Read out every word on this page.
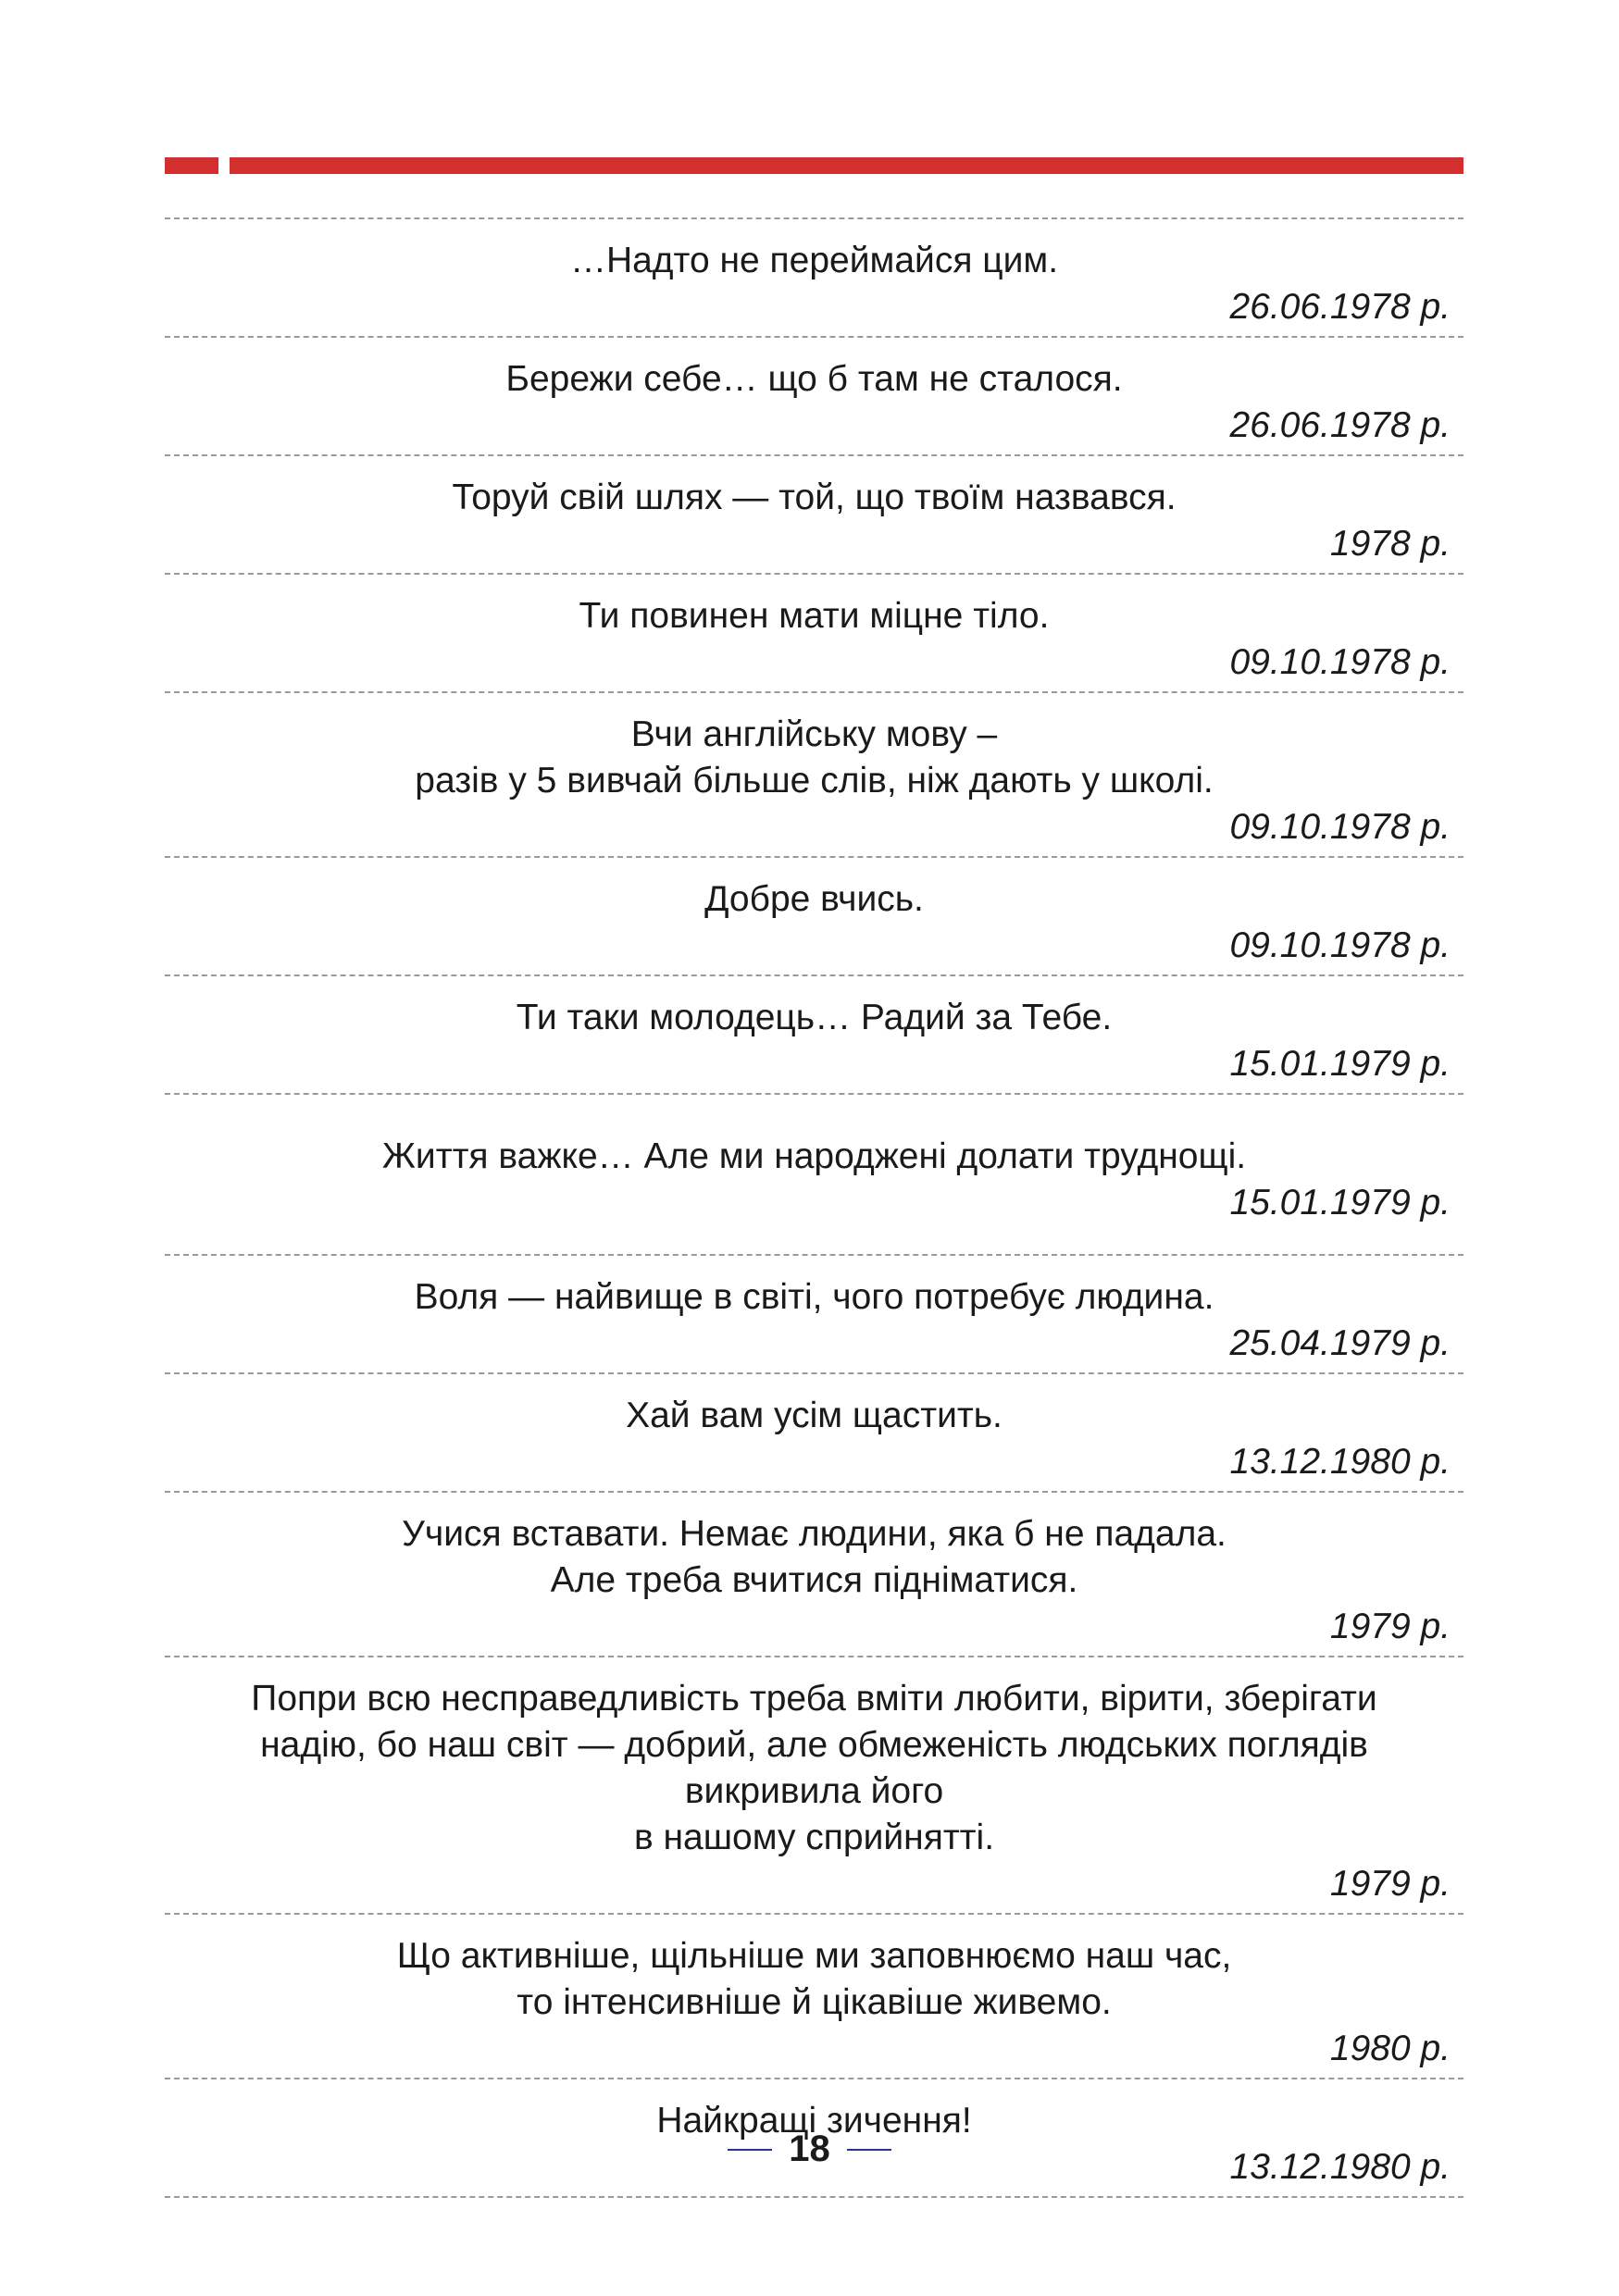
…Надто не переймайся цим.
26.06.1978 р.
Бережи себе… що б там не сталося.
26.06.1978 р.
Торуй свій шлях — той, що твоїм назвався.
1978 р.
Ти повинен мати міцне тіло.
09.10.1978 р.
Вчи англійську мову –
разів у 5 вивчай більше слів, ніж дають у школі.
09.10.1978 р.
Добре вчись.
09.10.1978 р.
Ти таки молодець… Радий за Тебе.
15.01.1979 р.
Життя важке… Але ми народжені долати труднощі.
15.01.1979 р.
Воля — найвище в світі, чого потребує людина.
25.04.1979 р.
Хай вам усім щастить.
13.12.1980 р.
Учися вставати. Немає людини, яка б не падала.
Але треба вчитися підніматися.
1979 р.
Попри всю несправедливість треба вміти любити, вірити, зберігати
надію, бо наш світ — добрий, але обмеженість людських поглядів
викривила його
в нашому сприйнятті.
1979 р.
Що активніше, щільніше ми заповнюємо наш час,
то інтенсивніше й цікавіше живемо.
1980 р.
Найкращі зичення!
13.12.1980 р.
18
